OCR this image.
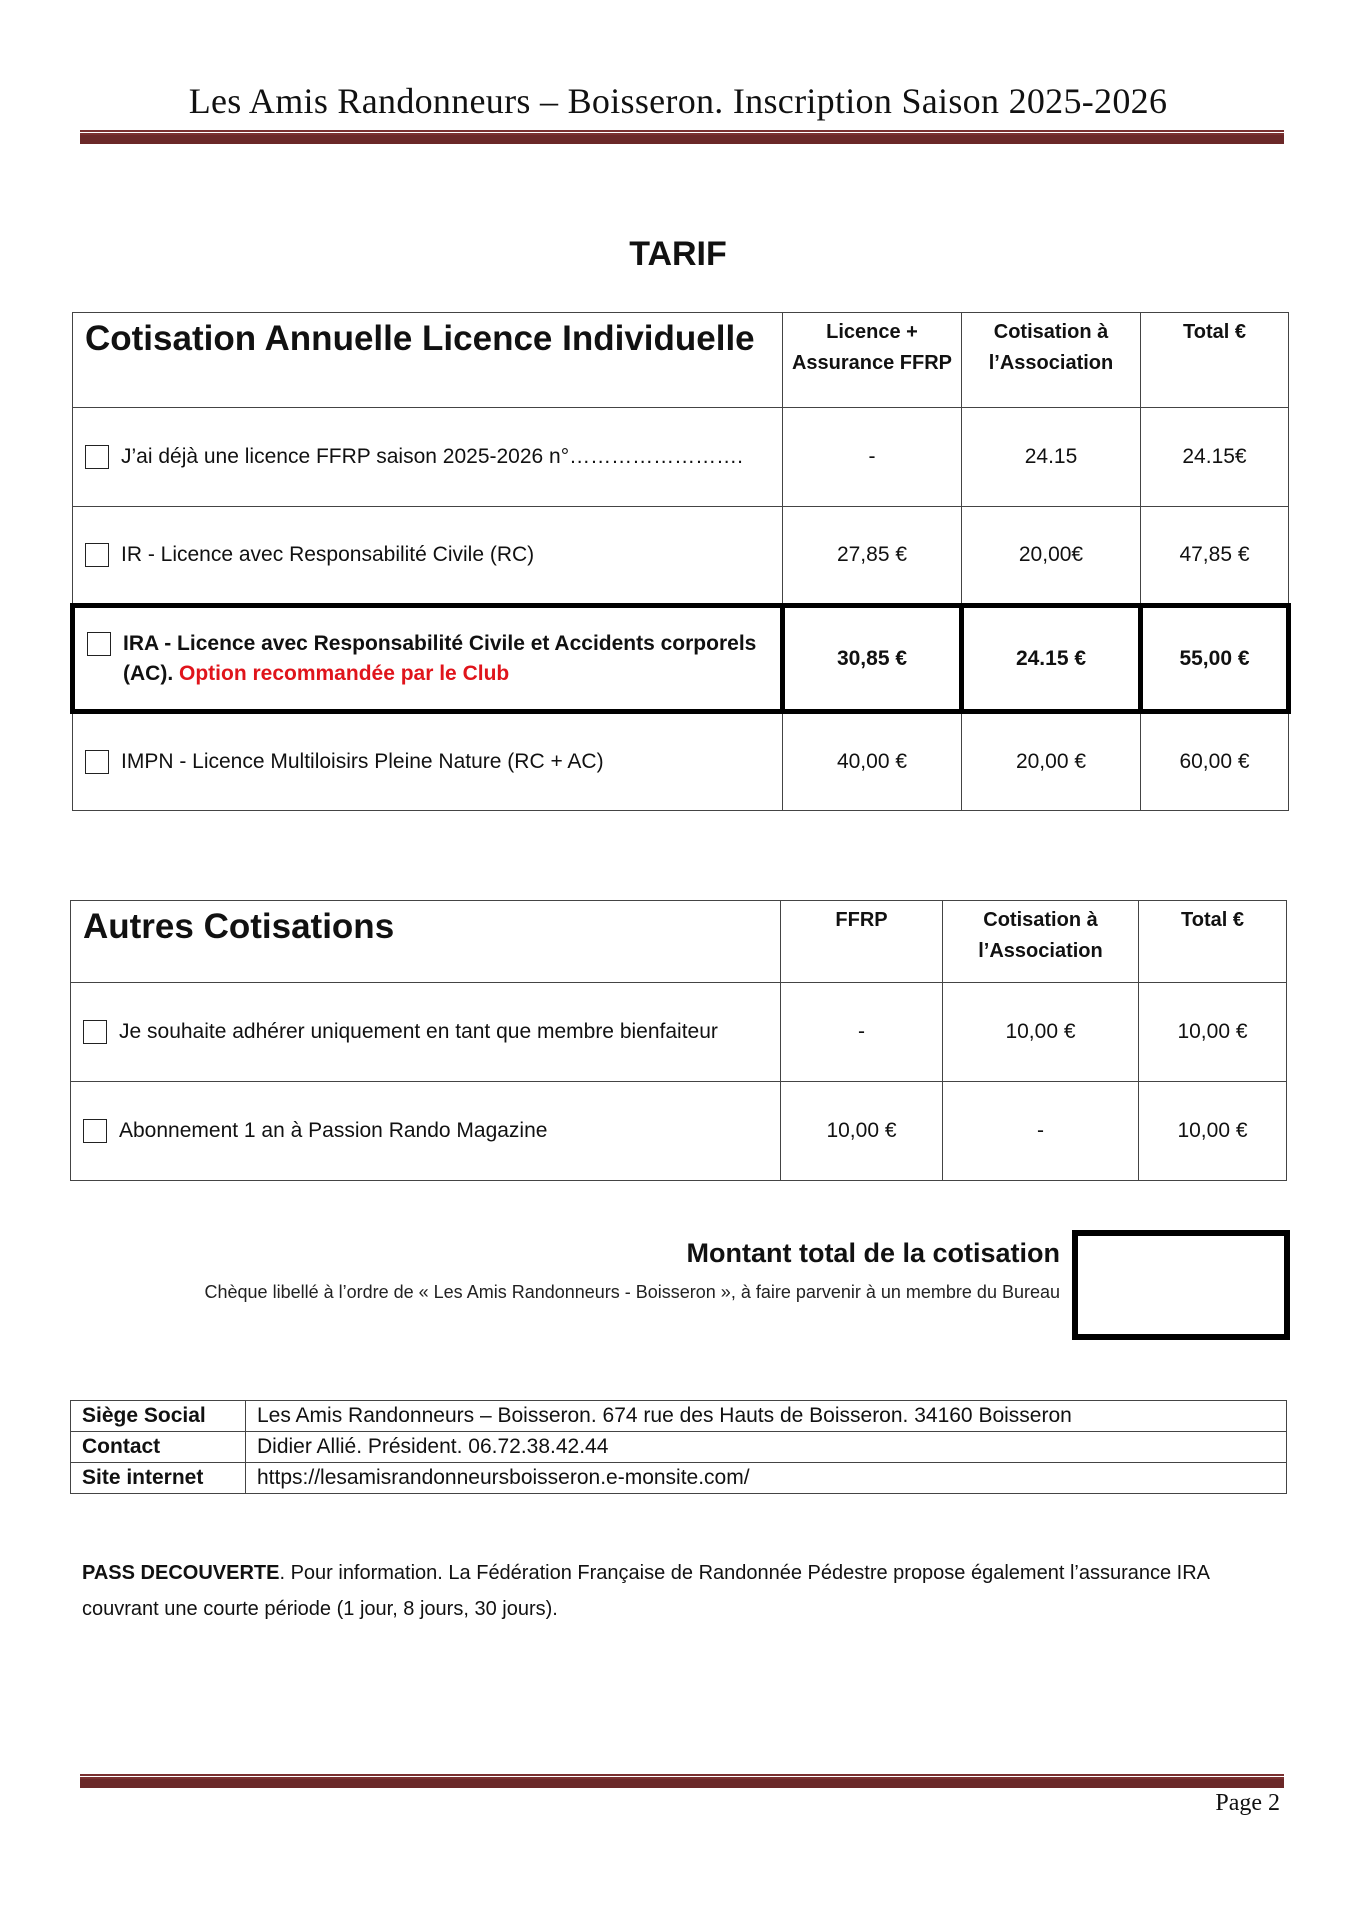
Les Amis Randonneurs – Boisseron. Inscription Saison 2025-2026
TARIF
Cotisation Annuelle Licence Individuelle	Licence + Assurance FFRP	Cotisation à l’Association	Total €

J’ai déjà une licence FFRP saison 2025-2026 n°…………………….	-	24.15	24.15€

IR - Licence avec Responsabilité Civile (RC)	27,85 €	20,00€	47,85 €

IRA - Licence avec Responsabilité Civile et Accidents corporels (AC). Option recommandée par le Club	30,85 €	24.15 €	55,00 €

IMPN - Licence Multiloisirs Pleine Nature (RC + AC)	40,00 €	20,00 €	60,00 €
Autres Cotisations	FFRP	Cotisation à l’Association	Total €

Je souhaite adhérer uniquement en tant que membre bienfaiteur	-	10,00 €	10,00 €

Abonnement 1 an à Passion Rando Magazine	10,00 €	-	10,00 €
Montant total de la cotisation
Chèque libellé à l’ordre de « Les Amis Randonneurs - Boisseron », à faire parvenir à un membre du Bureau
Siège Social	Les Amis Randonneurs – Boisseron. 674 rue des Hauts de Boisseron. 34160 Boisseron
Contact	Didier Allié. Président. 06.72.38.42.44
Site internet	https://lesamisrandonneursboisseron.e-monsite.com/
PASS DECOUVERTE. Pour information. La Fédération Française de Randonnée Pédestre propose également l’assurance IRA couvrant une courte période (1 jour, 8 jours, 30 jours).
Page 2
